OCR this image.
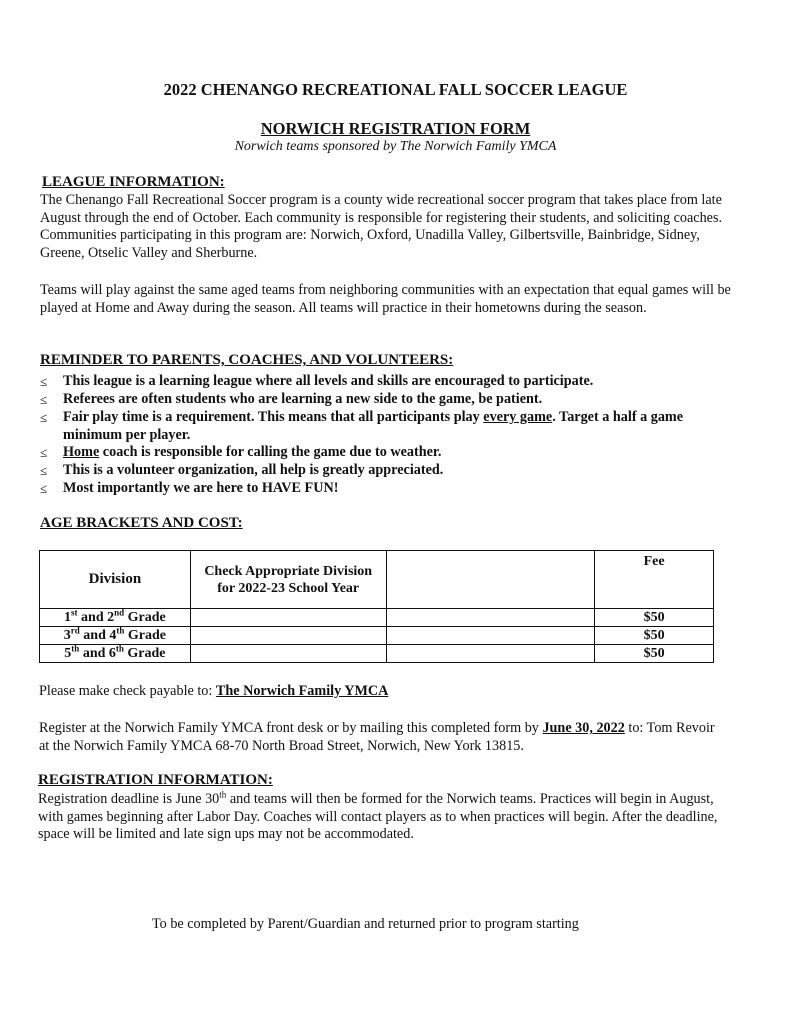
2022 CHENANGO RECREATIONAL FALL SOCCER LEAGUE
NORWICH REGISTRATION FORM
Norwich teams sponsored by The Norwich Family YMCA
LEAGUE INFORMATION:
The Chenango Fall Recreational Soccer program is a county wide recreational soccer program that takes place from late August through the end of October. Each community is responsible for registering their students, and soliciting coaches. Communities participating in this program are: Norwich, Oxford, Unadilla Valley, Gilbertsville, Bainbridge, Sidney, Greene, Otselic Valley and Sherburne.
Teams will play against the same aged teams from neighboring communities with an expectation that equal games will be played at Home and Away during the season. All teams will practice in their hometowns during the season.
REMINDER TO PARENTS, COACHES, AND VOLUNTEERS:
≤	This league is a learning league where all levels and skills are encouraged to participate.
≤	Referees are often students who are learning a new side to the game, be patient.
≤	Fair play time is a requirement. This means that all participants play every game. Target a half a game minimum per player.
≤	Home coach is responsible for calling the game due to weather.
≤	This is a volunteer organization, all help is greatly appreciated.
≤	Most importantly we are here to HAVE FUN!
AGE BRACKETS AND COST:
Division	Check Appropriate Division for 2022-23 School Year		Fee
1st and 2nd Grade			$50
3rd and 4th Grade			$50
5th and 6th Grade			$50
Please make check payable to: The Norwich Family YMCA
Register at the Norwich Family YMCA front desk or by mailing this completed form by June 30, 2022 to: Tom Revoir at the Norwich Family YMCA 68-70 North Broad Street, Norwich, New York 13815.
REGISTRATION INFORMATION:
Registration deadline is June 30th and teams will then be formed for the Norwich teams. Practices will begin in August, with games beginning after Labor Day. Coaches will contact players as to when practices will begin. After the deadline, space will be limited and late sign ups may not be accommodated.
To be completed by Parent/Guardian and returned prior to program starting
